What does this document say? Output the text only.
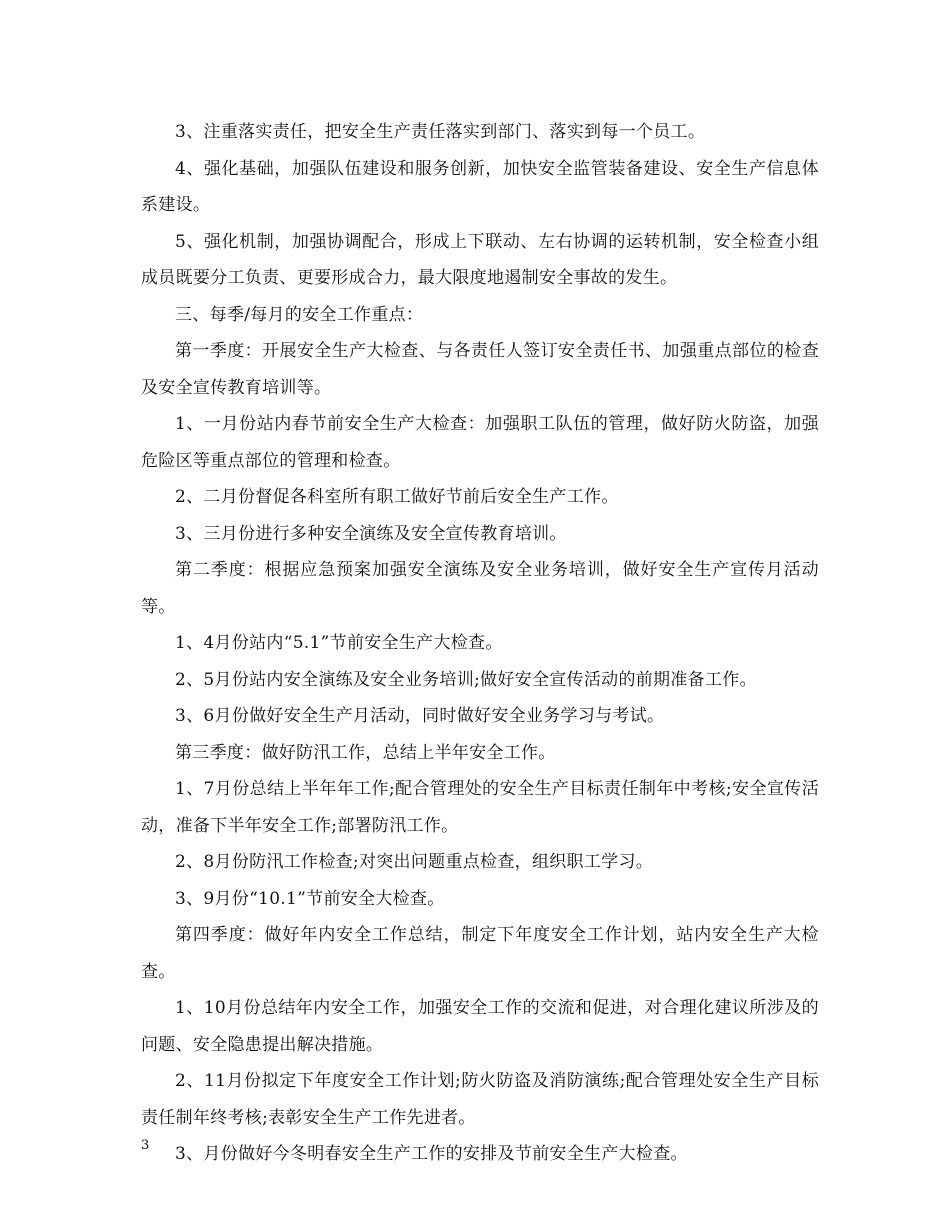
3、注重落实责任，把安全生产责任落实到部门、落实到每一个员工。

4、强化基础，加强队伍建设和服务创新，加快安全监管装备建设、安全生产信息体系建设。

5、强化机制，加强协调配合，形成上下联动、左右协调的运转机制，安全检查小组成员既要分工负责、更要形成合力，最大限度地遏制安全事故的发生。

三、每季/每月的安全工作重点：

第一季度：开展安全生产大检查、与各责任人签订安全责任书、加强重点部位的检查及安全宣传教育培训等。

1、一月份站内春节前安全生产大检查：加强职工队伍的管理，做好防火防盗，加强危险区等重点部位的管理和检查。

2、二月份督促各科室所有职工做好节前后安全生产工作。

3、三月份进行多种安全演练及安全宣传教育培训。

第二季度：根据应急预案加强安全演练及安全业务培训，做好安全生产宣传月活动等。

1、4月份站内“5.1”节前安全生产大检查。

2、5月份站内安全演练及安全业务培训;做好安全宣传活动的前期准备工作。

3、6月份做好安全生产月活动，同时做好安全业务学习与考试。

第三季度：做好防汛工作，总结上半年安全工作。

1、7月份总结上半年年工作;配合管理处的安全生产目标责任制年中考核;安全宣传活动，准备下半年安全工作;部署防汛工作。

2、8月份防汛工作检查;对突出问题重点检查，组织职工学习。

3、9月份“10.1”节前安全大检查。

第四季度：做好年内安全工作总结，制定下年度安全工作计划，站内安全生产大检查。

1、10月份总结年内安全工作，加强安全工作的交流和促进，对合理化建议所涉及的问题、安全隐患提出解决措施。

2、11月份拟定下年度安全工作计划;防火防盗及消防演练;配合管理处安全生产目标责任制年终考核;表彰安全生产工作先进者。

3、月份做好今冬明春安全生产工作的安排及节前安全生产大检查。

3
